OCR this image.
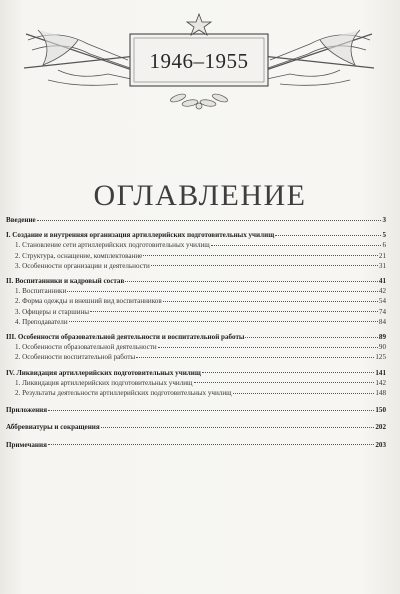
1946–1955
ОГЛАВЛЕНИЕ
Введение	3
I. Создание и внутренняя организация артиллерийских подготовительных училищ	5
1. Становление сети артиллерийских подготовительных училищ	6
2. Структура, оснащение, комплектование	21
3. Особенности организации и деятельности	31
II. Воспитанники и кадровый состав	41
1. Воспитанники	42
2. Форма одежды и внешний вид воспитанников	54
3. Офицеры и старшины	74
4. Преподаватели	84
III. Особенности образовательной деятельности и воспитательной работы	89
1. Особенности образовательной деятельности	90
2. Особенности воспитательной работы	125
IV. Ликвидация артиллерийских подготовительных училищ	141
1. Ликвидация артиллерийских подготовительных училищ	142
2. Результаты деятельности артиллерийских подготовительных училищ	148
Приложения	150
Аббревиатуры и сокращения	202
Примечания	203
